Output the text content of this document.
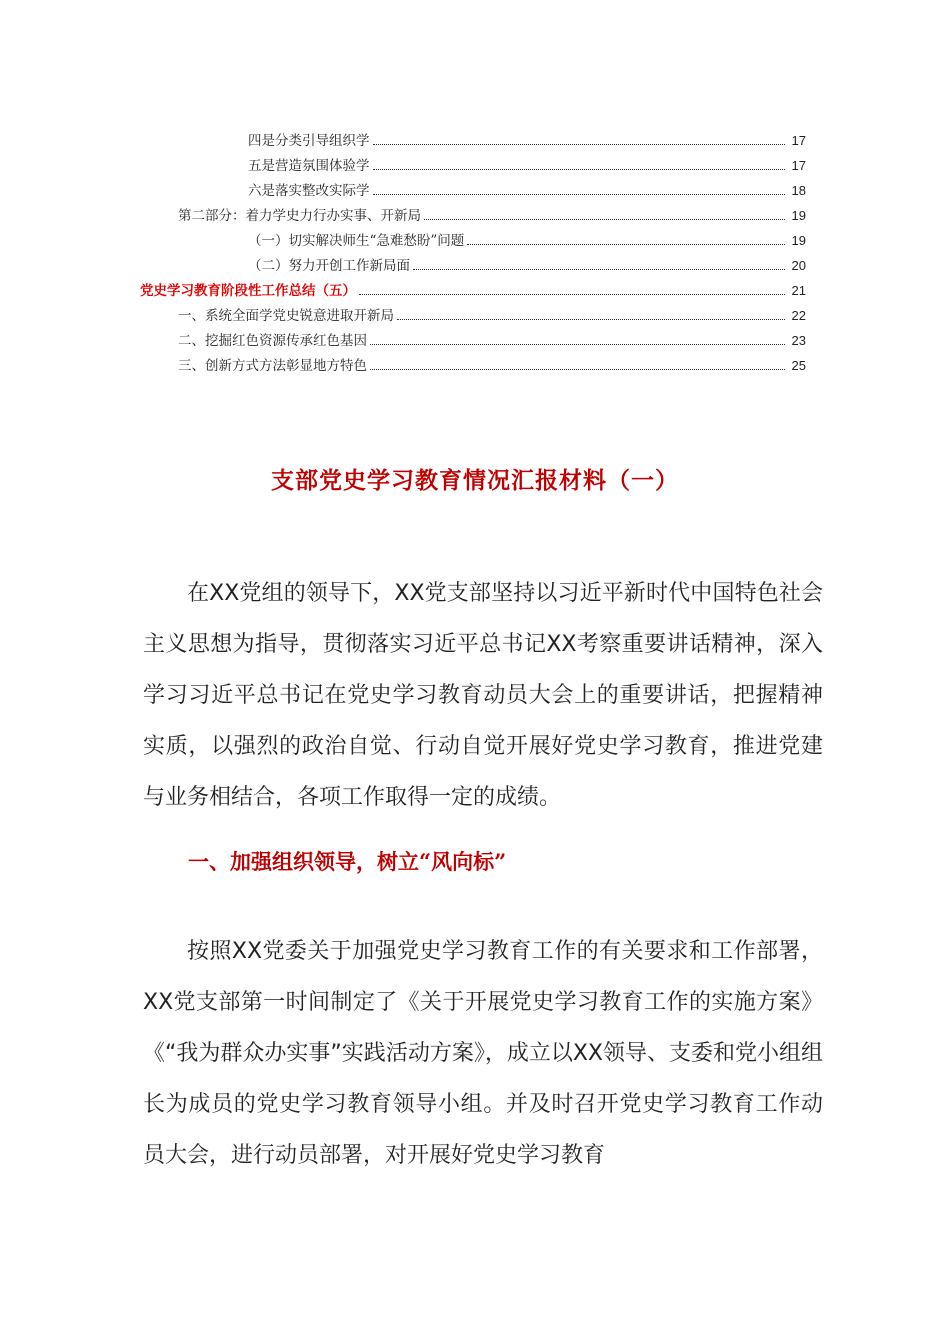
四是分类引导组织学	17
五是营造氛围体验学	17
六是落实整改实际学	18
第二部分：着力学史力行办实事、开新局	19
（一）切实解决师生“急难愁盼”问题	19
（二）努力开创工作新局面	20
党史学习教育阶段性工作总结（五）	21
一、系统全面学党史锐意进取开新局	22
二、挖掘红色资源传承红色基因	23
三、创新方式方法彰显地方特色	25
支部党史学习教育情况汇报材料（一）
在XX党组的领导下，XX党支部坚持以习近平新时代中国特色社会主义思想为指导，贯彻落实习近平总书记XX考察重要讲话精神，深入学习习近平总书记在党史学习教育动员大会上的重要讲话，把握精神实质，以强烈的政治自觉、行动自觉开展好党史学习教育，推进党建与业务相结合，各项工作取得一定的成绩。
一、加强组织领导，树立“风向标”
按照XX党委关于加强党史学习教育工作的有关要求和工作部署，XX党支部第一时间制定了《关于开展党史学习教育工作的实施方案》《“我为群众办实事”实践活动方案》，成立以XX领导、支委和党小组组长为成员的党史学习教育领导小组。并及时召开党史学习教育工作动员大会，进行动员部署，对开展好党史学习教育
